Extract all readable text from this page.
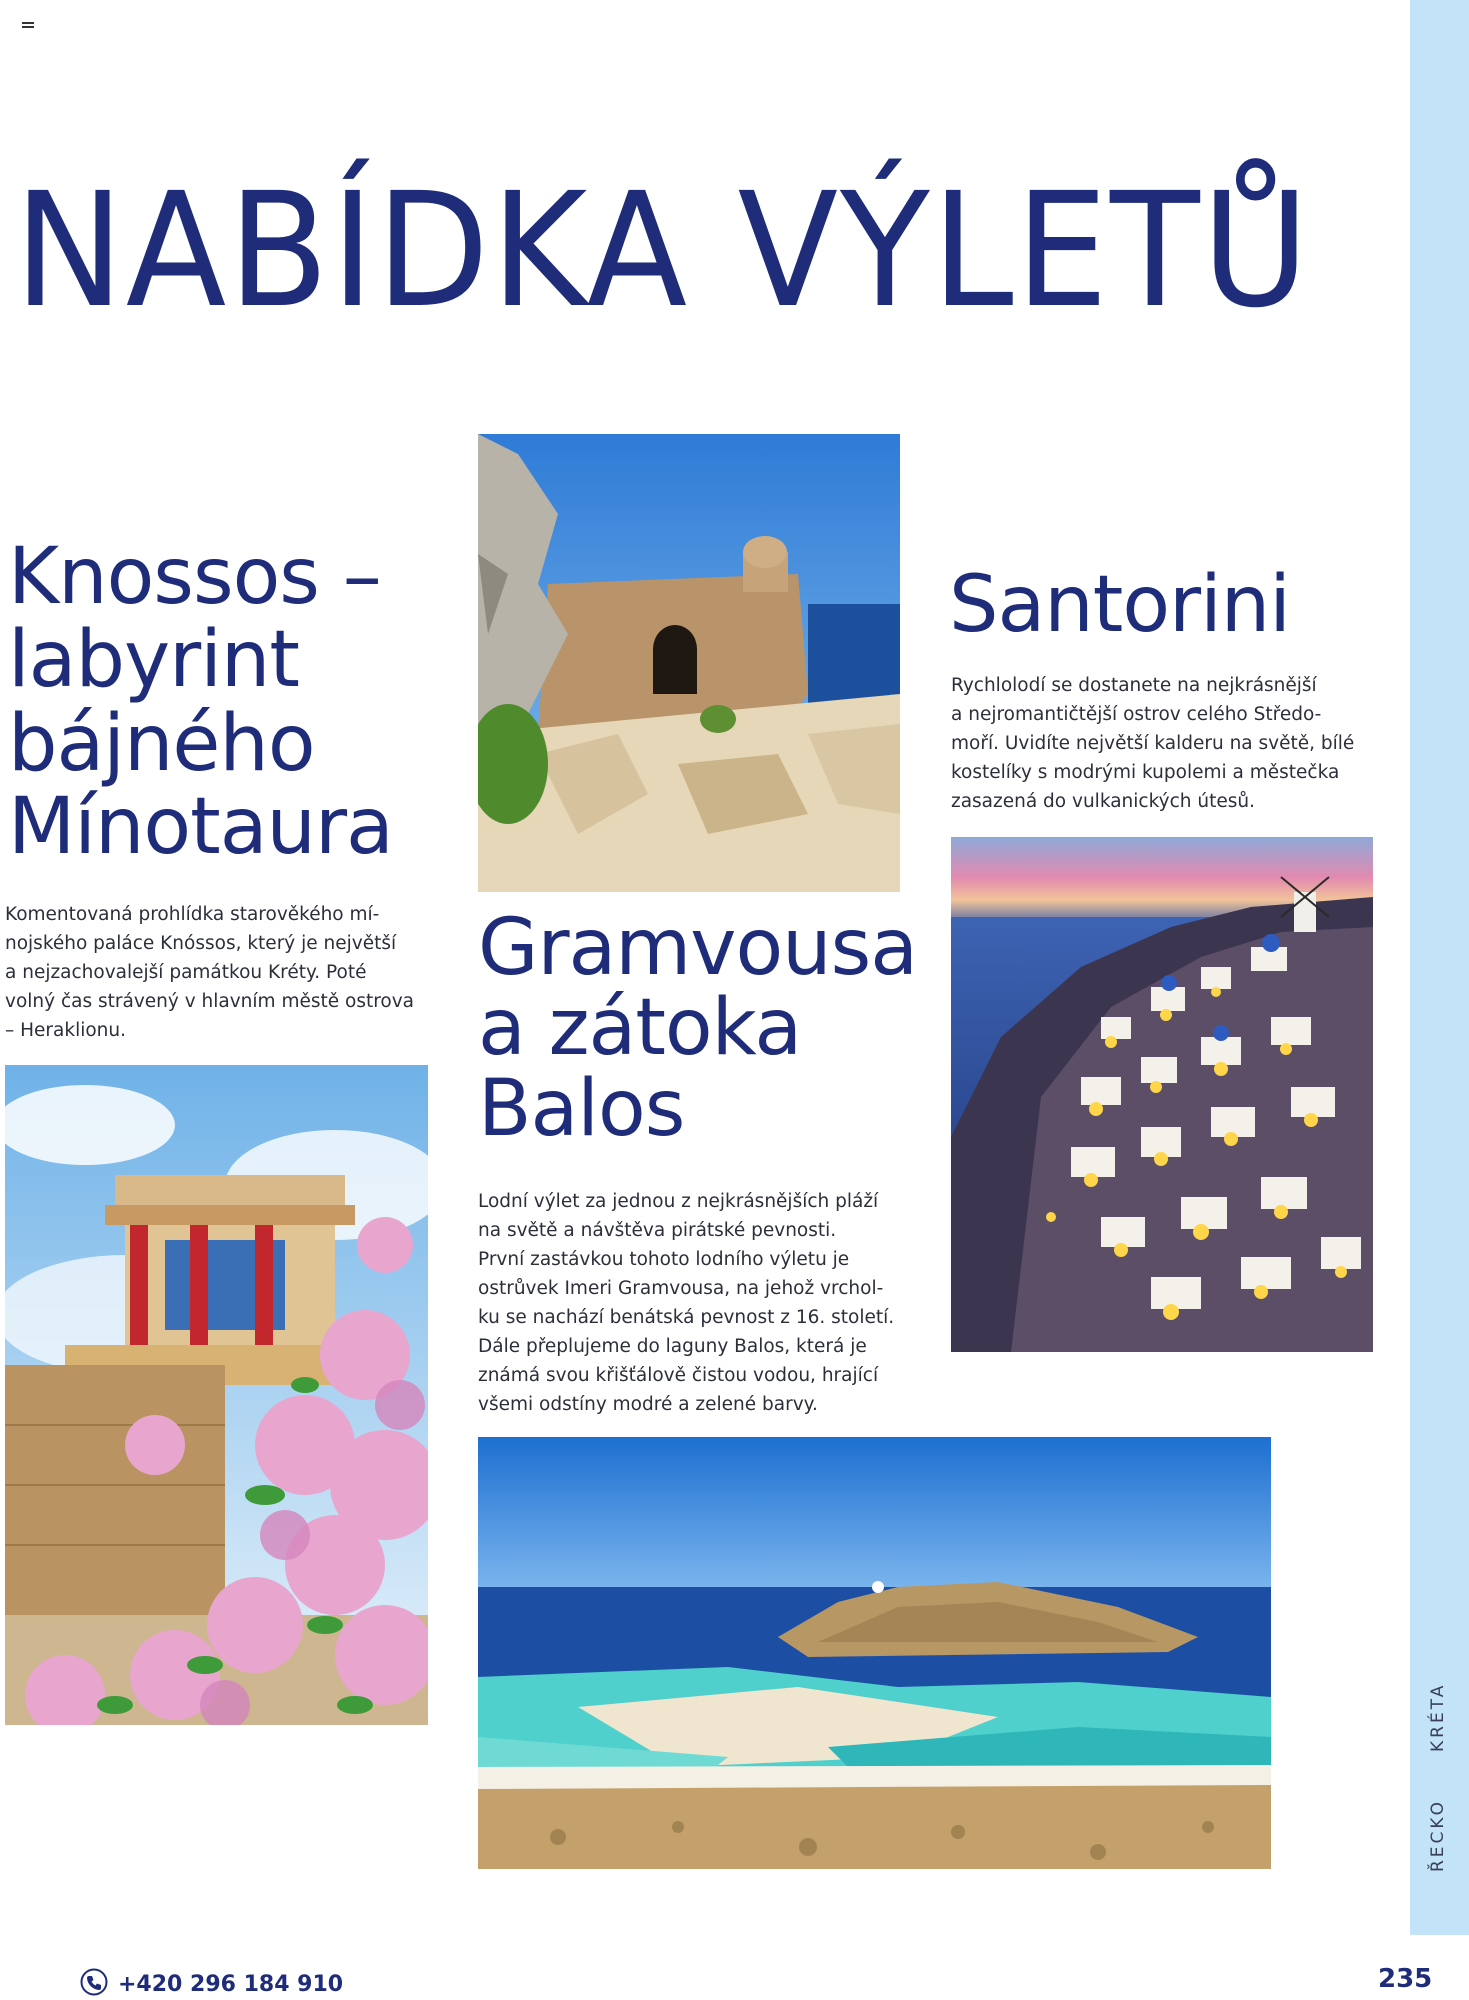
ŘECKO
KRÉTA
NABÍDKA VÝLETŮ
Knossos –
labyrint
bájného
Mínotaura
Komentovaná prohlídka starověkého mí-
nojského paláce Knóssos, který je největší
a nejzachovalejší památkou Kréty. Poté
volný čas strávený v hlavním městě ostrova
– Heraklionu.
Gramvousa
a zátoka
Balos
Lodní výlet za jednou z nejkrásnějších pláží
na světě a návštěva pirátské pevnosti.
První zastávkou tohoto lodního výletu je
ostrůvek Imeri Gramvousa, na jehož vrchol-
ku se nachází benátská pevnost z 16. století.
Dále přeplujeme do laguny Balos, která je
známá svou křišťálově čistou vodou, hrající
všemi odstíny modré a zelené barvy.
Santorini
Rychlolodí se dostanete na nejkrásnější
a nejromantičtější ostrov celého Středo-
moří. Uvidíte největší kalderu na světě, bílé
kostelíky s modrými kupolemi a městečka
zasazená do vulkanických útesů.
+420 296 184 910	235
